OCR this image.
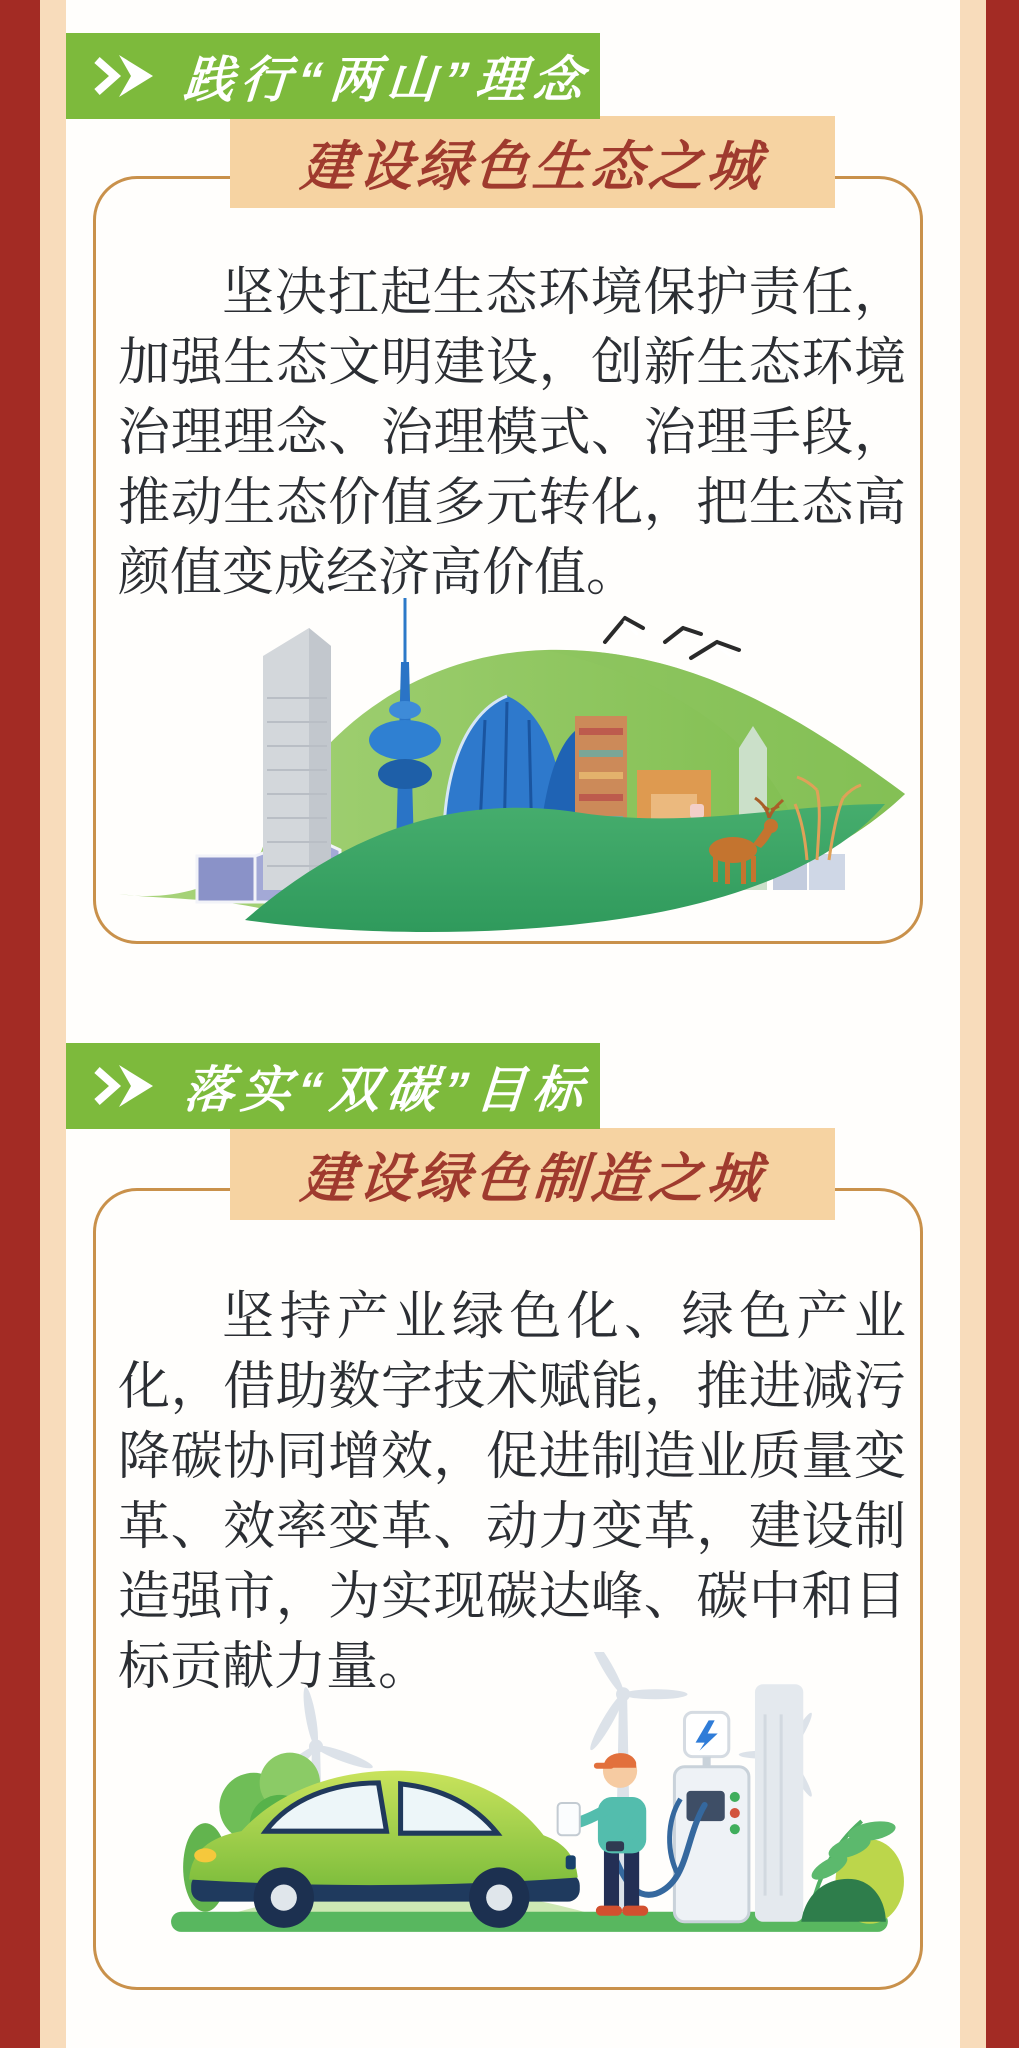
践行“两山”理念
建设绿色生态之城
坚决扛起生态环境保护责任，加强生态文明建设，创新生态环境治理理念、治理模式、治理手段，推动生态价值多元转化，把生态高颜值变成经济高价值。
落实“双碳”目标
建设绿色制造之城
坚持产业绿色化、绿色产业化，借助数字技术赋能，推进减污降碳协同增效，促进制造业质量变革、效率变革、动力变革，建设制造强市，为实现碳达峰、碳中和目标贡献力量。
